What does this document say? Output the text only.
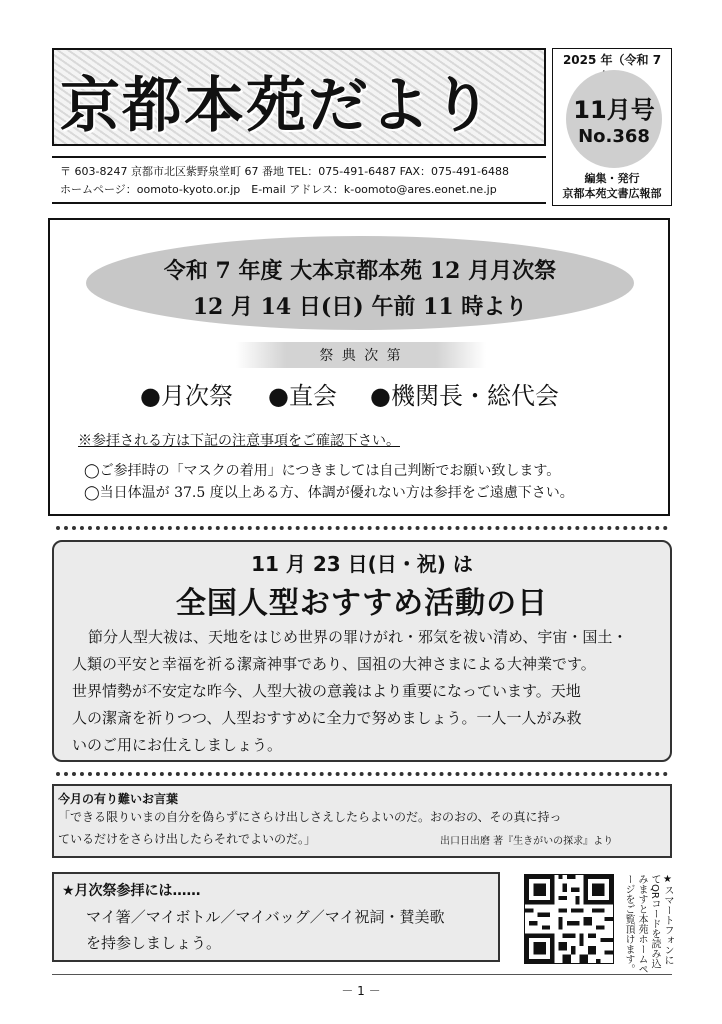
京都本苑だより
2025 年（令和 7
11月号
No.368
編集・発行
京都本苑文書広報部
〒 603-8247 京都市北区紫野泉堂町 67 番地 TEL：075-491-6487 FAX：075-491-6488
ホームページ：oomoto-kyoto.or.jp　E-mail アドレス：k-oomoto@ares.eonet.ne.jp
令和 7 年度 大本京都本苑 12 月月次祭
12 月 14 日(日) 午前 11 時より
祭 典 次 第
●月次祭 ●直会 ●機関長・総代会
※参拝される方は下記の注意事項をご確認下さい。
◯ご参拝時の「マスクの着用」につきましては自己判断でお願い致します。
◯当日体温が 37.5 度以上ある方、体調が優れない方は参拝をご遠慮下さい。
11 月 23 日(日・祝) は
全国人型おすすめ活動の日
節分人型大祓は、天地をはじめ世界の罪けがれ・邪気を祓い清め、宇宙・国土・
人類の平安と幸福を祈る潔斎神事であり、国祖の大神さまによる大神業です。
世界情勢が不安定な昨今、人型大祓の意義はより重要になっています。天地
人の潔斎を祈りつつ、人型おすすめに全力で努めましょう。一人一人がみ救
いのご用にお仕えしましょう。
今月の有り難いお言葉
「できる限りいまの自分を偽らずにさらけ出しさえしたらよいのだ。おのおの、その真に持っ
ているだけをさらけ出したらそれでよいのだ。」	出口日出磨 著『生きがいの探求』より
★月次祭参拝には……
マイ箸／マイボトル／マイバッグ／マイ祝詞・賛美歌
を持参しましょう。	★スマートフォンにてQRコードを読み込みますと本苑ホームページをご覧頂けます。
－ 1 －
